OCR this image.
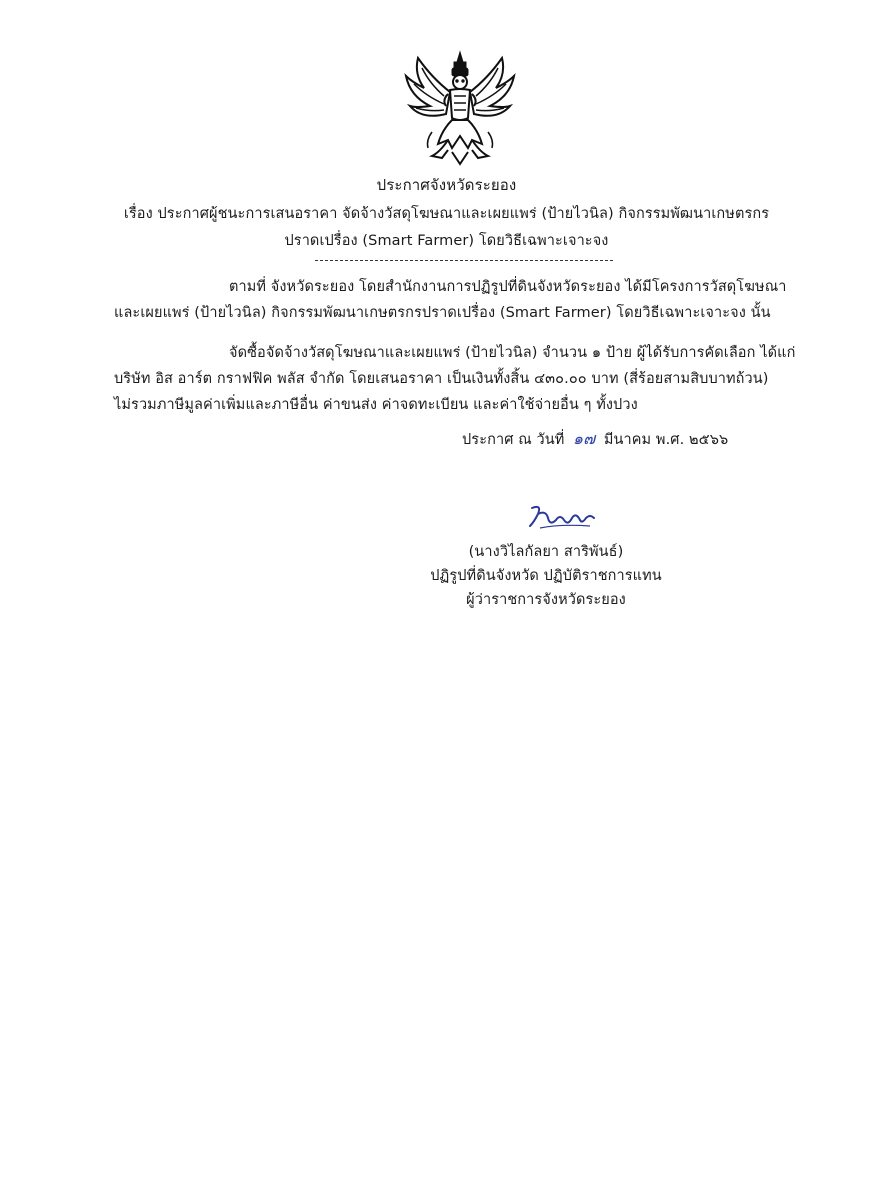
ประกาศจังหวัดระยอง
เรื่อง ประกาศผู้ชนะการเสนอราคา จัดจ้างวัสดุโฆษณาและเผยแพร่ (ป้ายไวนิล) กิจกรรมพัฒนาเกษตรกร
ปราดเปรื่อง (Smart Farmer) โดยวิธีเฉพาะเจาะจง
ตามที่ จังหวัดระยอง โดยสำนักงานการปฏิรูปที่ดินจังหวัดระยอง ได้มีโครงการวัสดุโฆษณา
และเผยแพร่ (ป้ายไวนิล) กิจกรรมพัฒนาเกษตรกรปราดเปรื่อง (Smart Farmer) โดยวิธีเฉพาะเจาะจง นั้น
จัดซื้อจัดจ้างวัสดุโฆษณาและเผยแพร่ (ป้ายไวนิล) จำนวน ๑ ป้าย ผู้ได้รับการคัดเลือก ได้แก่
บริษัท อิส อาร์ต กราฟฟิค พลัส จำกัด โดยเสนอราคา เป็นเงินทั้งสิ้น ๔๓๐.๐๐ บาท (สี่ร้อยสามสิบบาทถ้วน)
ไม่รวมภาษีมูลค่าเพิ่มและภาษีอื่น ค่าขนส่ง ค่าจดทะเบียน และค่าใช้จ่ายอื่น ๆ ทั้งปวง
ประกาศ ณ วันที่ ๑๗ มีนาคม พ.ศ. ๒๕๖๖
(นางวิไลกัลยา สาริพันธ์)
ปฏิรูปที่ดินจังหวัด ปฏิบัติราชการแทน
ผู้ว่าราชการจังหวัดระยอง
